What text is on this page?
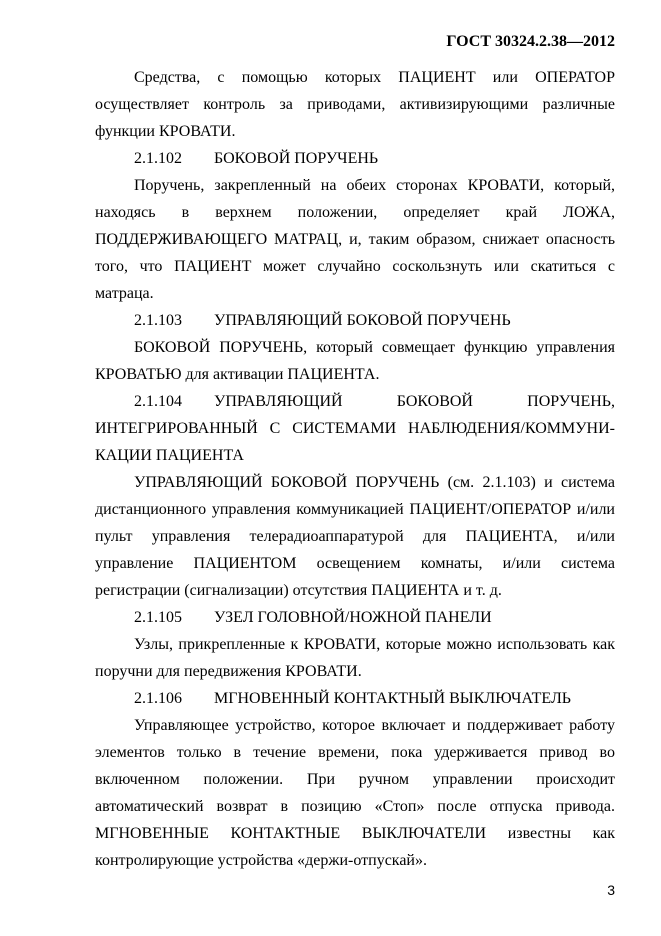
ГОСТ 30324.2.38—2012

Средства, с помощью которых ПАЦИЕНТ или ОПЕРАТОР осуществляет контроль за приводами, активизирующими различные функции КРОВАТИ.

2.1.102 БОКОВОЙ ПОРУЧЕНЬ

Поручень, закрепленный на обеих сторонах КРОВАТИ, который, находясь в верхнем положении, определяет край ЛОЖА, ПОДДЕРЖИВАЮЩЕГО МАТРАЦ, и, таким образом, снижает опасность того, что ПАЦИЕНТ может случайно соскользнуть или скатиться с матраца.

2.1.103 УПРАВЛЯЮЩИЙ БОКОВОЙ ПОРУЧЕНЬ

БОКОВОЙ ПОРУЧЕНЬ, который совмещает функцию управления КРОВАТЬЮ для активации ПАЦИЕНТА.

2.1.104 УПРАВЛЯЮЩИЙ БОКОВОЙ ПОРУЧЕНЬ, ИНТЕГРИРОВАННЫЙ С СИСТЕМАМИ НАБЛЮДЕНИЯ/КОММУНИ-КАЦИИ ПАЦИЕНТА

УПРАВЛЯЮЩИЙ БОКОВОЙ ПОРУЧЕНЬ (см. 2.1.103) и система дистанционного управления коммуникацией ПАЦИЕНТ/ОПЕРАТОР и/или пульт управления телерадиоаппаратурой для ПАЦИЕНТА, и/или управление ПАЦИЕНТОМ освещением комнаты, и/или система регистрации (сигнализации) отсутствия ПАЦИЕНТА и т. д.

2.1.105 УЗЕЛ ГОЛОВНОЙ/НОЖНОЙ ПАНЕЛИ

Узлы, прикрепленные к КРОВАТИ, которые можно использовать как поручни для передвижения КРОВАТИ.

2.1.106 МГНОВЕННЫЙ КОНТАКТНЫЙ ВЫКЛЮЧАТЕЛЬ

Управляющее устройство, которое включает и поддерживает работу элементов только в течение времени, пока удерживается привод во включенном положении. При ручном управлении происходит автоматический возврат в позицию «Стоп» после отпуска привода. МГНОВЕННЫЕ КОНТАКТНЫЕ ВЫКЛЮЧАТЕЛИ известны как контролирующие устройства «держи-отпускай».

3
